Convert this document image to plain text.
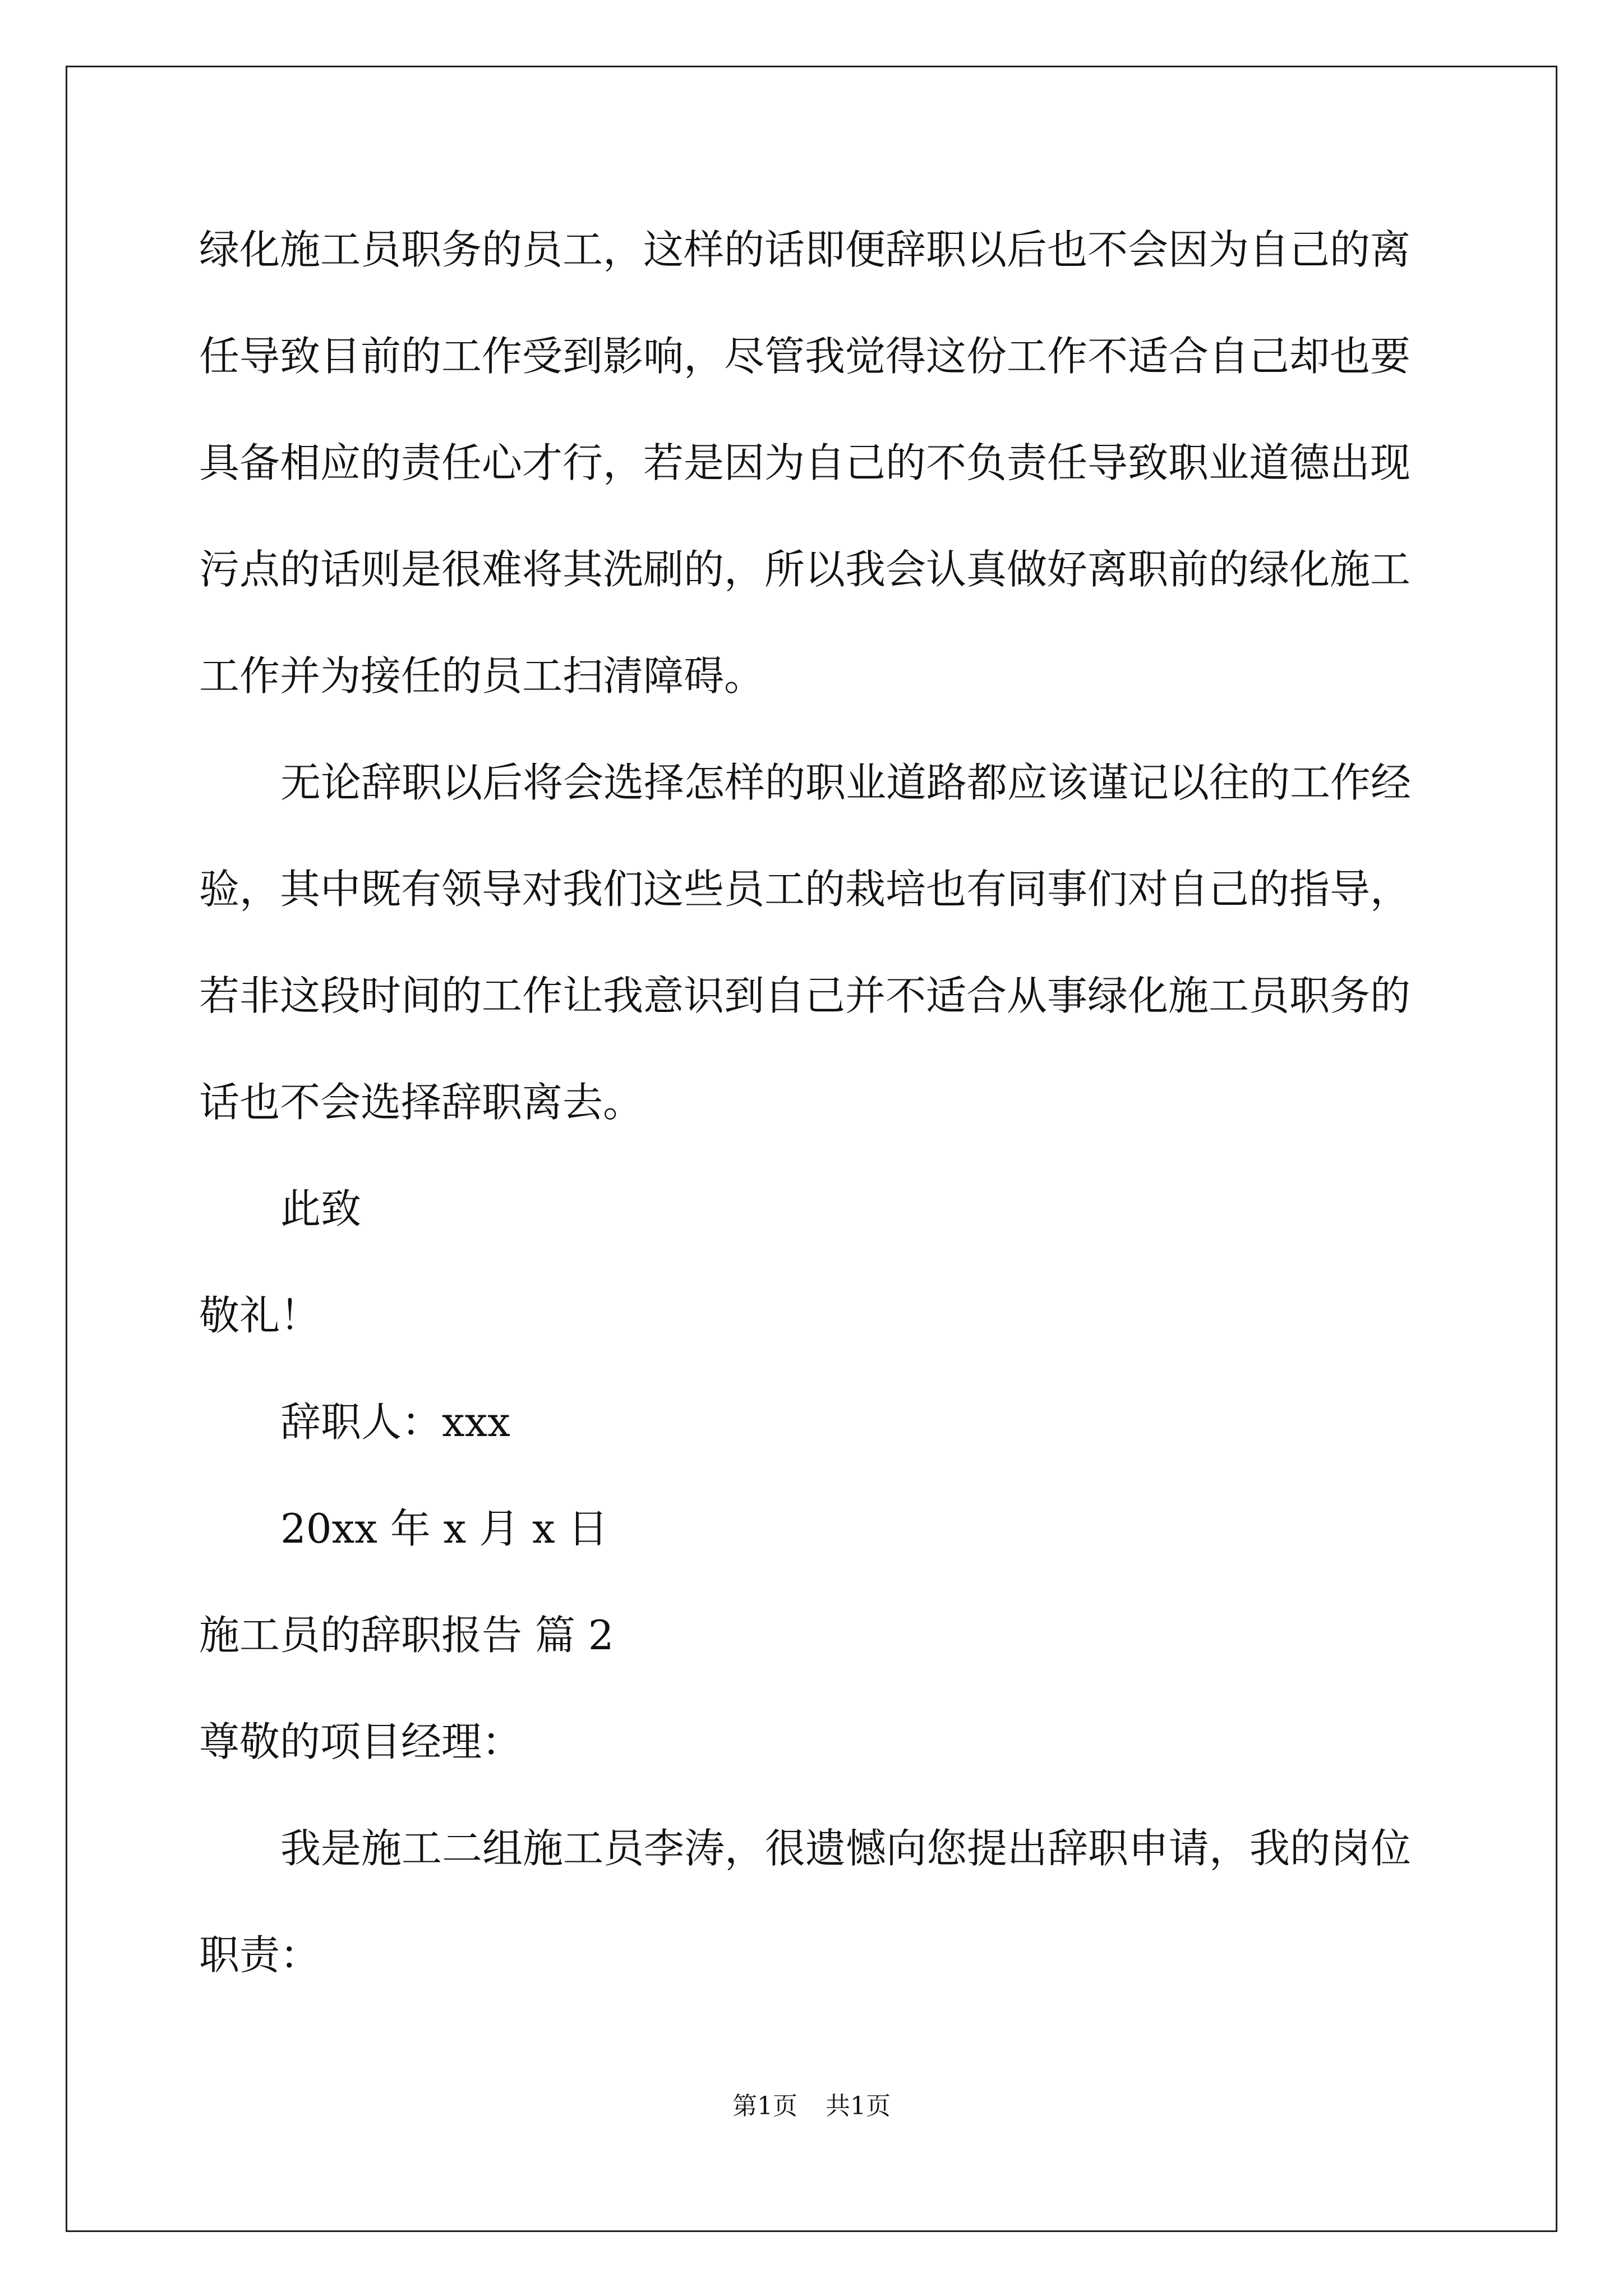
绿化施工员职务的员工，这样的话即便辞职以后也不会因为自己的离
任导致目前的工作受到影响，尽管我觉得这份工作不适合自己却也要
具备相应的责任心才行，若是因为自己的不负责任导致职业道德出现
污点的话则是很难将其洗刷的，所以我会认真做好离职前的绿化施工
工作并为接任的员工扫清障碍。
无论辞职以后将会选择怎样的职业道路都应该谨记以往的工作经
验，其中既有领导对我们这些员工的栽培也有同事们对自己的指导，
若非这段时间的工作让我意识到自己并不适合从事绿化施工员职务的
话也不会选择辞职离去。
此致
敬礼！
辞职人：xxx
20xx 年 x 月 x 日
施工员的辞职报告 篇 2
尊敬的项目经理：
我是施工二组施工员李涛，很遗憾向您提出辞职申请，我的岗位
职责：
第1页 共1页
